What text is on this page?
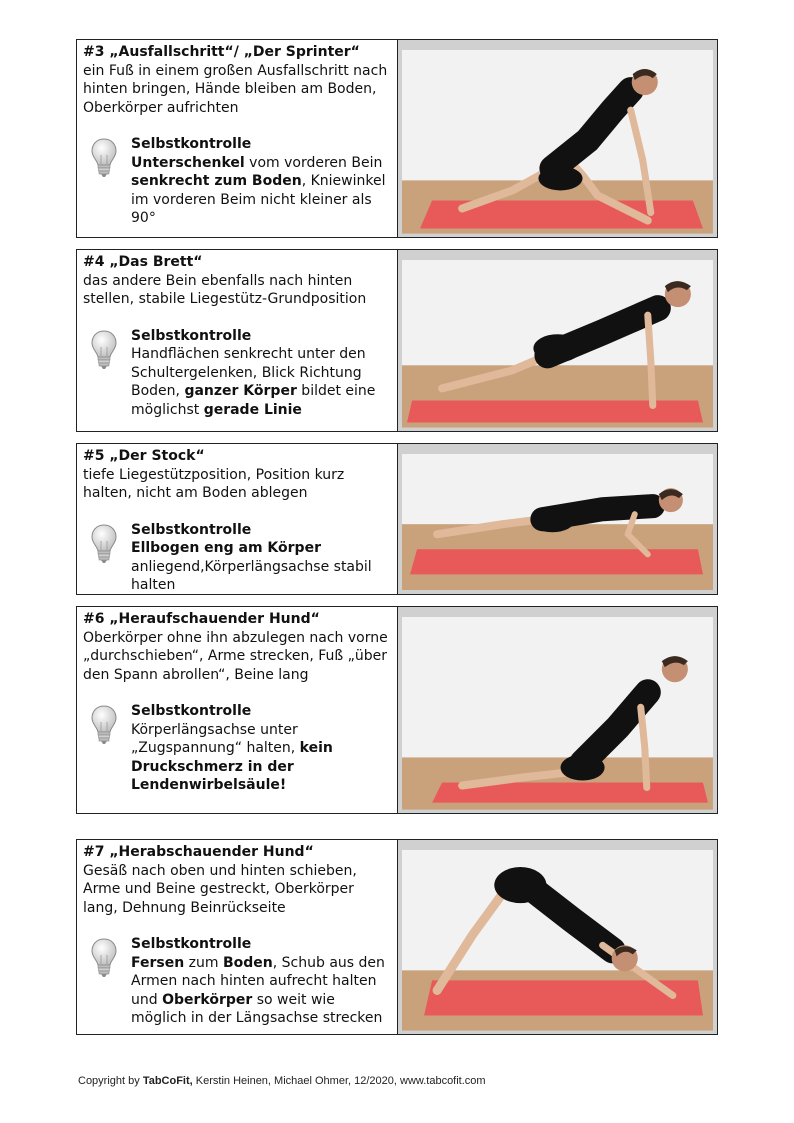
#3 „Ausfallschritt“/ „Der Sprinter“

ein Fuß in einem großen Ausfallschritt nach hinten bringen, Hände bleiben am Boden, Oberkörper aufrichten

Selbstkontrolle
Unterschenkel vom vorderen Bein senkrecht zum Boden, Kniewinkel im vorderen Beim nicht kleiner als 90°
#4 „Das Brett“

das andere Bein ebenfalls nach hinten stellen, stabile Liegestütz-Grundposition

Selbstkontrolle
Handflächen senkrecht unter den Schultergelenken, Blick Richtung Boden, ganzer Körper bildet eine möglichst gerade Linie
#5 „Der Stock“

tiefe Liegestützposition, Position kurz halten, nicht am Boden ablegen

Selbstkontrolle
Ellbogen eng am Körper anliegend,Körperlängsachse stabil halten
#6 „Heraufschauender Hund“

Oberkörper ohne ihn abzulegen nach vorne „durchschieben“, Arme strecken, Fuß „über den Spann abrollen“, Beine lang

Selbstkontrolle
Körperlängsachse unter „Zugspannung“ halten, kein Druckschmerz in der Lendenwirbelsäule!
#7 „Herabschauender Hund“

Gesäß nach oben und hinten schieben, Arme und Beine gestreckt, Oberkörper lang, Dehnung Beinrückseite

Selbstkontrolle
Fersen zum Boden, Schub aus den Armen nach hinten aufrecht halten und Oberkörper so weit wie möglich in der Längsachse strecken
Copyright by TabCoFit, Kerstin Heinen, Michael Ohmer, 12/2020, www.tabcofit.com
